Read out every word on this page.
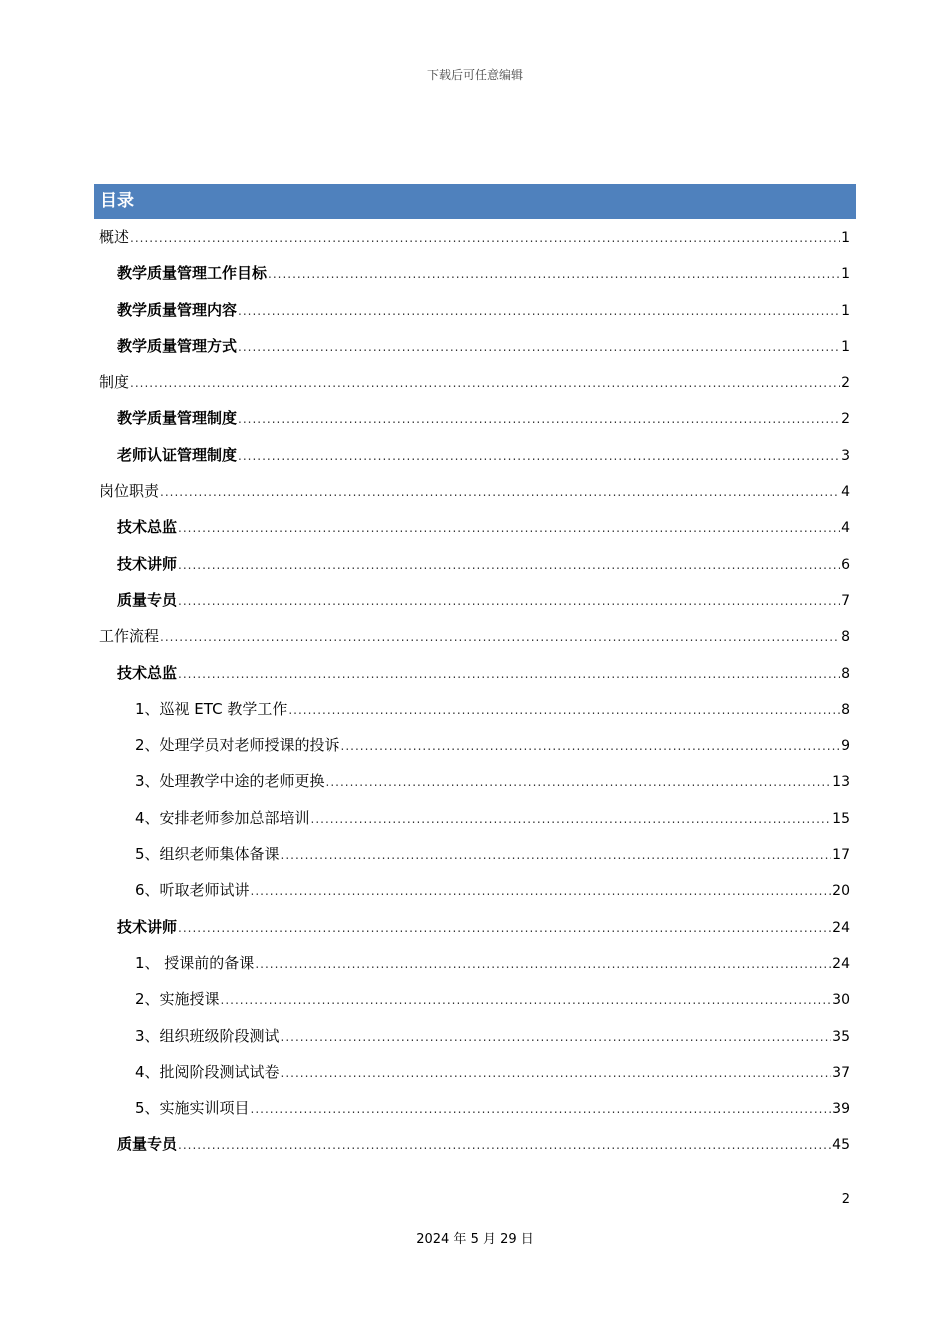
下载后可任意编辑
目录
概述 .....	1
教学质量管理工作目标 .....	1
教学质量管理内容 .....	1
教学质量管理方式 .....	1
制度 .....	2
教学质量管理制度 .....	2
老师认证管理制度 .....	3
岗位职责 .....	4
技术总监 .....	4
技术讲师 .....	6
质量专员 .....	7
工作流程 .....	8
技术总监 .....	8
1、巡视 ETC 教学工作 .....	8
2、处理学员对老师授课的投诉 .....	9
3、处理教学中途的老师更换 .....	13
4、安排老师参加总部培训 .....	15
5、组织老师集体备课 .....	17
6、听取老师试讲 .....	20
技术讲师 .....	24
1、 授课前的备课 .....	24
2、实施授课 .....	30
3、组织班级阶段测试 .....	35
4、批阅阶段测试试卷 .....	37
5、实施实训项目 .....	39
质量专员 .....	45
2
2024 年 5 月 29 日
